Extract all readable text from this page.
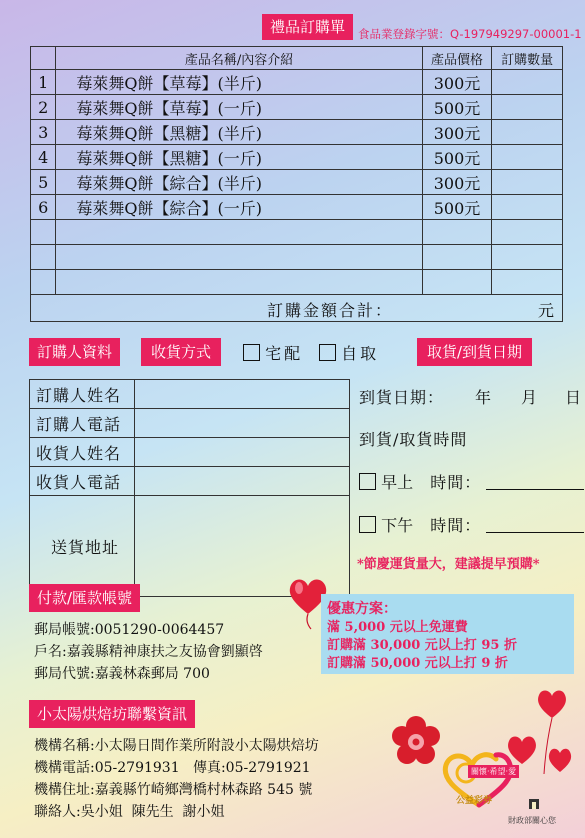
禮品訂購單	食品業登錄字號：Q-197949297-00001-1
	產品名稱/內容介紹	產品價格	訂購數量
1	莓萊舞Q餅【草莓】(半斤)	300元	
2	莓萊舞Q餅【草莓】(一斤)	500元	
3	莓萊舞Q餅【黑糖】(半斤)	300元	
4	莓萊舞Q餅【黑糖】(一斤)	500元	
5	莓萊舞Q餅【綜合】(半斤)	300元	
6	莓萊舞Q餅【綜合】(一斤)	500元	

訂購金額合計： 元			
訂購人資料	收貨方式	宅配	自取	取貨/到貨日期
訂購人姓名	
訂購人電話	
收貨人姓名	
收貨人電話	
送貨地址	
到貨日期： 年 月 日
到貨/取貨時間
早上 時間：
下午 時間：
*節慶運貨量大，建議提早預購*
付款/匯款帳號
郵局帳號:0051290-0064457
戶名:嘉義縣精神康扶之友協會劉顯啓
郵局代號:嘉義林森郵局 700
優惠方案：
滿 5,000 元以上免運費
訂購滿 30,000 元以上打 95 折
訂購滿 50,000 元以上打 9 折
小太陽烘焙坊聯繫資訊
機構名稱:小太陽日間作業所附設小太陽烘焙坊
機構電話:05-2791931   傳真:05-2791921
機構住址:嘉義縣竹崎鄉灣橋村林森路 545 號
聯絡人:吳小姐  陳先生  謝小姐
關懷‧希望‧愛
公益彩券
財政部關心您
